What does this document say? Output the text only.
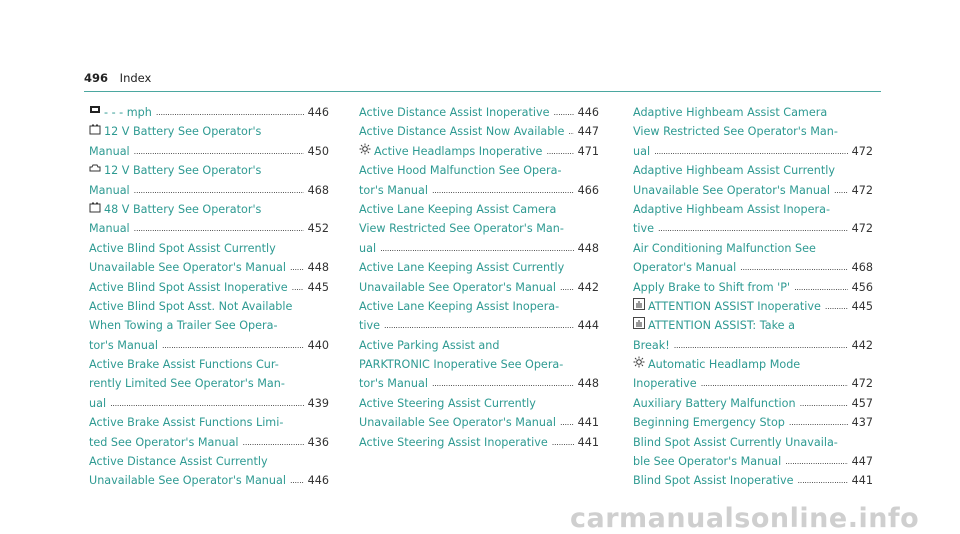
496 Index
- - - mph . . .	446
12 V Battery See Operator's
Manual . . .	450
12 V Battery See Operator's
Manual . . .	468
48 V Battery See Operator's
Manual . . .	452
Active Blind Spot Assist Currently
Unavailable See Operator's Manual . . . 448
Active Blind Spot Assist Inoperative . . . 445
Active Blind Spot Asst. Not Available
When Towing a Trailer See Opera-
tor's Manual . . .	440
Active Brake Assist Functions Cur-
rently Limited See Operator's Man-
ual . . .	439
Active Brake Assist Functions Limi-
ted See Operator's Manual . . .	436
Active Distance Assist Currently
Unavailable See Operator's Manual . . . 446
Active Distance Assist Inoperative . . .	446
Active Distance Assist Now Available . . . 447
Active Headlamps Inoperative . . .	471
Active Hood Malfunction See Opera-
tor's Manual . . .	466
Active Lane Keeping Assist Camera
View Restricted See Operator's Man-
ual . . .	448
Active Lane Keeping Assist Currently
Unavailable See Operator's Manual . . . 442
Active Lane Keeping Assist Inopera-
tive . . .	444
Active Parking Assist and
PARKTRONIC Inoperative See Opera-
tor's Manual . . .	448
Active Steering Assist Currently
Unavailable See Operator's Manual . . . 441
Active Steering Assist Inoperative . . .	441
Adaptive Highbeam Assist Camera
View Restricted See Operator's Man-
ual . . .	472
Adaptive Highbeam Assist Currently
Unavailable See Operator's Manual . . . 472
Adaptive Highbeam Assist Inopera-
tive . . .	472
Air Conditioning Malfunction See
Operator's Manual . . .	468
Apply Brake to Shift from 'P' . . .	456
ATTENTION ASSIST Inoperative . . .	445
ATTENTION ASSIST: Take a
Break! . . .	442
Automatic Headlamp Mode
Inoperative . . .	472
Auxiliary Battery Malfunction . . .	457
Beginning Emergency Stop . . .	437
Blind Spot Assist Currently Unavaila-
ble See Operator's Manual . . .	447
Blind Spot Assist Inoperative . . .	441
carmanualsonline.info
